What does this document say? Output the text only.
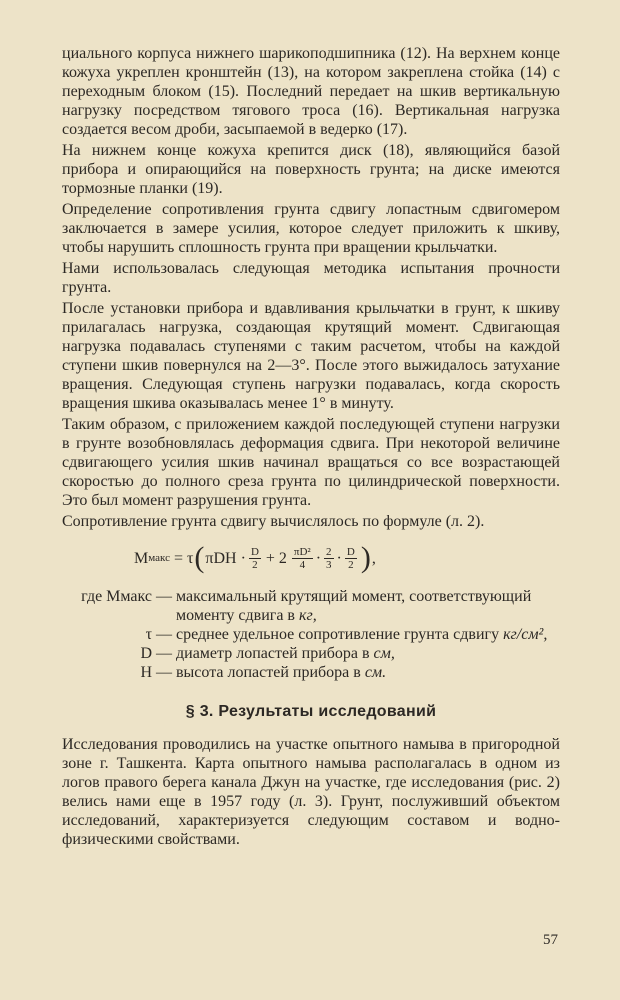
циального корпуса нижнего шарикоподшипника (12). На верхнем конце кожуха укреплен кронштейн (13), на котором закреплена стойка (14) с переходным блоком (15). Последний передает на шкив вертикальную нагрузку посредством тягового троса (16). Вертикальная нагрузка создается весом дроби, засыпаемой в ведерко (17).

На нижнем конце кожуха крепится диск (18), являющийся базой прибора и опирающийся на поверхность грунта; на диске имеются тормозные планки (19).

Определение сопротивления грунта сдвигу лопастным сдвигомером заключается в замере усилия, которое следует приложить к шкиву, чтобы нарушить сплошность грунта при вращении крыльчатки.

Нами использовалась следующая методика испытания прочности грунта.

После установки прибора и вдавливания крыльчатки в грунт, к шкиву прилагалась нагрузка, создающая крутящий момент. Сдвигающая нагрузка подавалась ступенями с таким расчетом, чтобы на каждой ступени шкив повернулся на 2—3°. После этого выжидалось затухание вращения. Следующая ступень нагрузки подавалась, когда скорость вращения шкива оказывалась менее 1° в минуту.

Таким образом, с приложением каждой последующей ступени нагрузки в грунте возобновлялась деформация сдвига. При некоторой величине сдвигающего усилия шкив начинал вращаться со все возрастающей скоростью до полного среза грунта по цилиндрической поверхности. Это был момент разрушения грунта.

Сопротивление грунта сдвигу вычислялось по формуле (л. 2).

M макс = τ ( $\pi DH \cdot \frac{D}{2} + 2 \frac{\text{πD²}}{4} \cdot \frac{2}{3} \cdot \frac{D}{2}$ ) ,
где Mмакс — максимальный крутящий момент, соответствующий моменту сдвига в кг,
τ — среднее удельное сопротивление грунта сдвигу кг/см²,
D — диаметр лопастей прибора в см,
H — высота лопастей прибора в см.
§ 3. Результаты исследований

Исследования проводились на участке опытного намыва в пригородной зоне г. Ташкента. Карта опытного намыва располагалась в одном из логов правого берега канала Джун на участке, где исследования (рис. 2) велись нами еще в 1957 году (л. 3). Грунт, послуживший объектом исследований, характеризуется следующим составом и водно-физическими свойствами.

57
